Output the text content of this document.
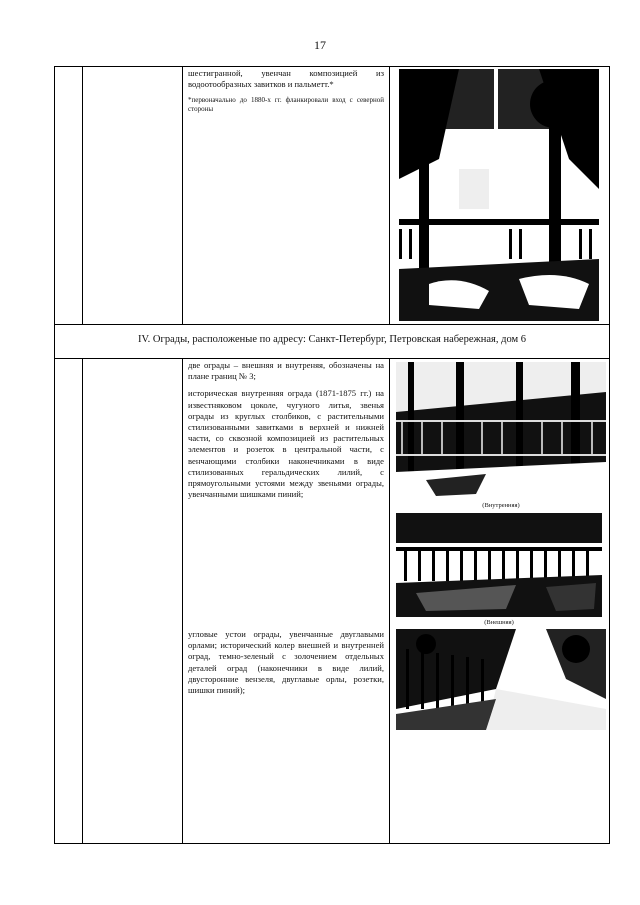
17
шестигранной, увенчан композицией из водоотообразных завитков и пальметт.*
*первоначально до 1880-х гг. фланкировали вход с северной стороны
IV. Ограды, расположеные по адресу: Санкт-Петербург, Петровская набережная, дом 6

две ограды – внешняя и внутреняя, обозначены на плане границ № 3;

историческая внутренняя ограда (1871-1875 гг.) на известняковом цоколе, чугуного литья, звенья ограды из круглых столбиков, с растительными стилизованными завитками в верхней и нижней части, со сквозной композицией из растительных элементов и розеток в центральной части, с венчающими столбики наконечниками в виде стилизованных геральдических лилий, с прямоугольными устоями между звеньями ограды, увенчанными шишками пиний;

угловые устои ограды, увенчанные двуглавыми орлами; исторический колер внешней и внутренней оград, темно-зеленый с золочением отдельных деталей оград (наконечники в виде лилий, двусторонние вензеля, двуглавые орлы, розетки, шишки пиний);

(Внутренняя)
(Внешняя)
